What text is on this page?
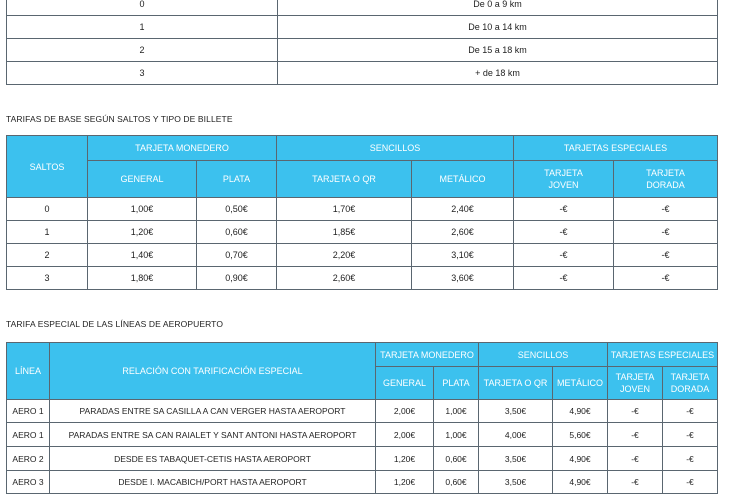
0	De 0 a 9 km
1	De 10 a 14 km
2	De 15 a 18 km
3	+ de 18 km
TARIFAS DE BASE SEGÚN SALTOS Y TIPO DE BILLETE
SALTOS	TARJETA MONEDERO		SENCILLOS		TARJETAS ESPECIALES	
	GENERAL	PLATA	TARJETA O QR	METÁLICO	TARJETA JOVEN	TARJETA DORADA

0	1,00€	0,50€	1,70€	2,40€	-€	-€
1	1,20€	0,60€	1,85€	2,60€	-€	-€
2	1,40€	0,70€	2,20€	3,10€	-€	-€
3	1,80€	0,90€	2,60€	3,60€	-€	-€
TARIFA ESPECIAL DE LAS LÍNEAS DE AEROPUERTO
LÍNEA	RELACIÓN CON TARIFICACIÓN ESPECIAL	TARJETA MONEDERO		SENCILLOS		TARJETAS ESPECIALES	
		GENERAL	PLATA	TARJETA O QR	METÁLICO	TARJETA JOVEN	TARJETA DORADA

AERO 1	PARADAS ENTRE SA CASILLA A CAN VERGER HASTA AEROPORT	2,00€	1,00€	3,50€	4,90€	-€	-€
AERO 1	PARADAS ENTRE SA CAN RAIALET Y SANT ANTONI HASTA AEROPORT	2,00€	1,00€	4,00€	5,60€	-€	-€
AERO 2	DESDE ES TABAQUET-CETIS HASTA AEROPORT	1,20€	0,60€	3,50€	4,90€	-€	-€
AERO 3	DESDE I. MACABICH/PORT HASTA AEROPORT	1,20€	0,60€	3,50€	4,90€	-€	-€
